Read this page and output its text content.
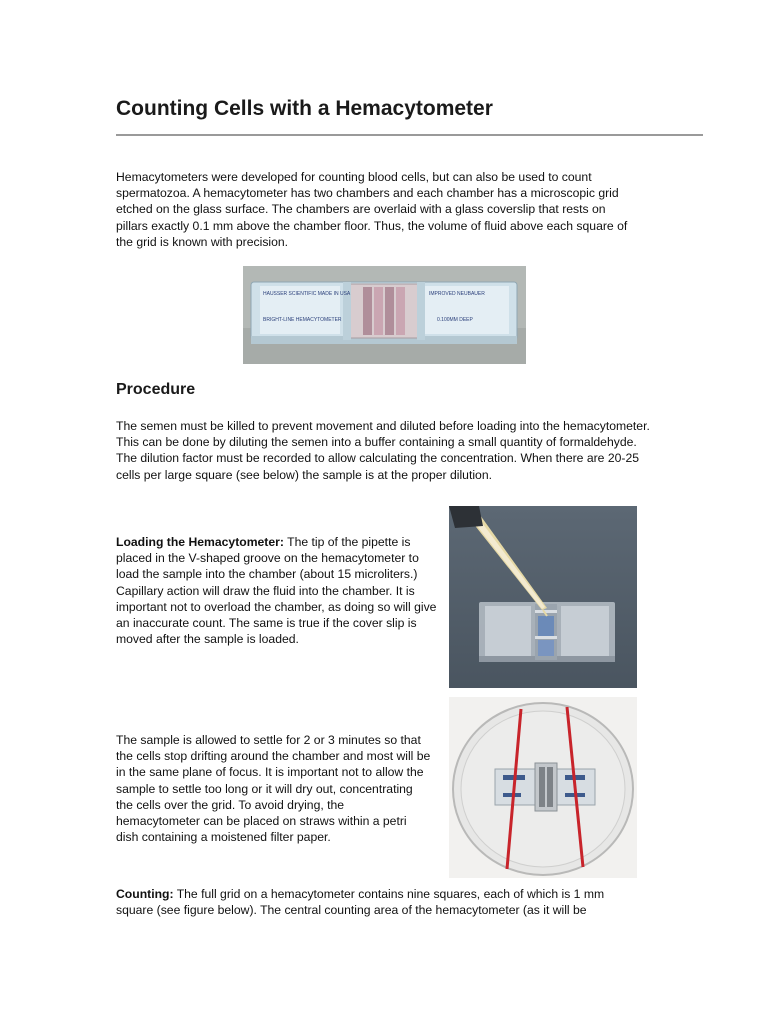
Counting Cells with a Hemacytometer

Hemacytometers were developed for counting blood cells, but can also be used to count spermatozoa. A hemacytometer has two chambers and each chamber has a microscopic grid etched on the glass surface. The chambers are overlaid with a glass coverslip that rests on pillars exactly 0.1 mm above the chamber floor. Thus, the volume of fluid above each square of the grid is known with precision.

HAUSSER SCIENTIFIC MADE IN USA
BRIGHT-LINE HEMACYTOMETER
IMPROVED NEUBAUER
0.100MM DEEP
Procedure

The semen must be killed to prevent movement and diluted before loading into the hemacytometer. This can be done by diluting the semen into a buffer containing a small quantity of formaldehyde. The dilution factor must be recorded to allow calculating the concentration. When there are 20-25 cells per large square (see below) the sample is at the proper dilution.

Loading the Hemacytometer: The tip of the pipette is placed in the V-shaped groove on the hemacytometer to load the sample into the chamber (about 15 microliters.) Capillary action will draw the fluid into the chamber. It is important not to overload the chamber, as doing so will give an inaccurate count. The same is true if the cover slip is moved after the sample is loaded.

The sample is allowed to settle for 2 or 3 minutes so that the cells stop drifting around the chamber and most will be in the same plane of focus. It is important not to allow the sample to settle too long or it will dry out, concentrating the cells over the grid. To avoid drying, the hemacytometer can be placed on straws within a petri dish containing a moistened filter paper.

Counting: The full grid on a hemacytometer contains nine squares, each of which is 1 mm square (see figure below). The central counting area of the hemacytometer (as it will be
